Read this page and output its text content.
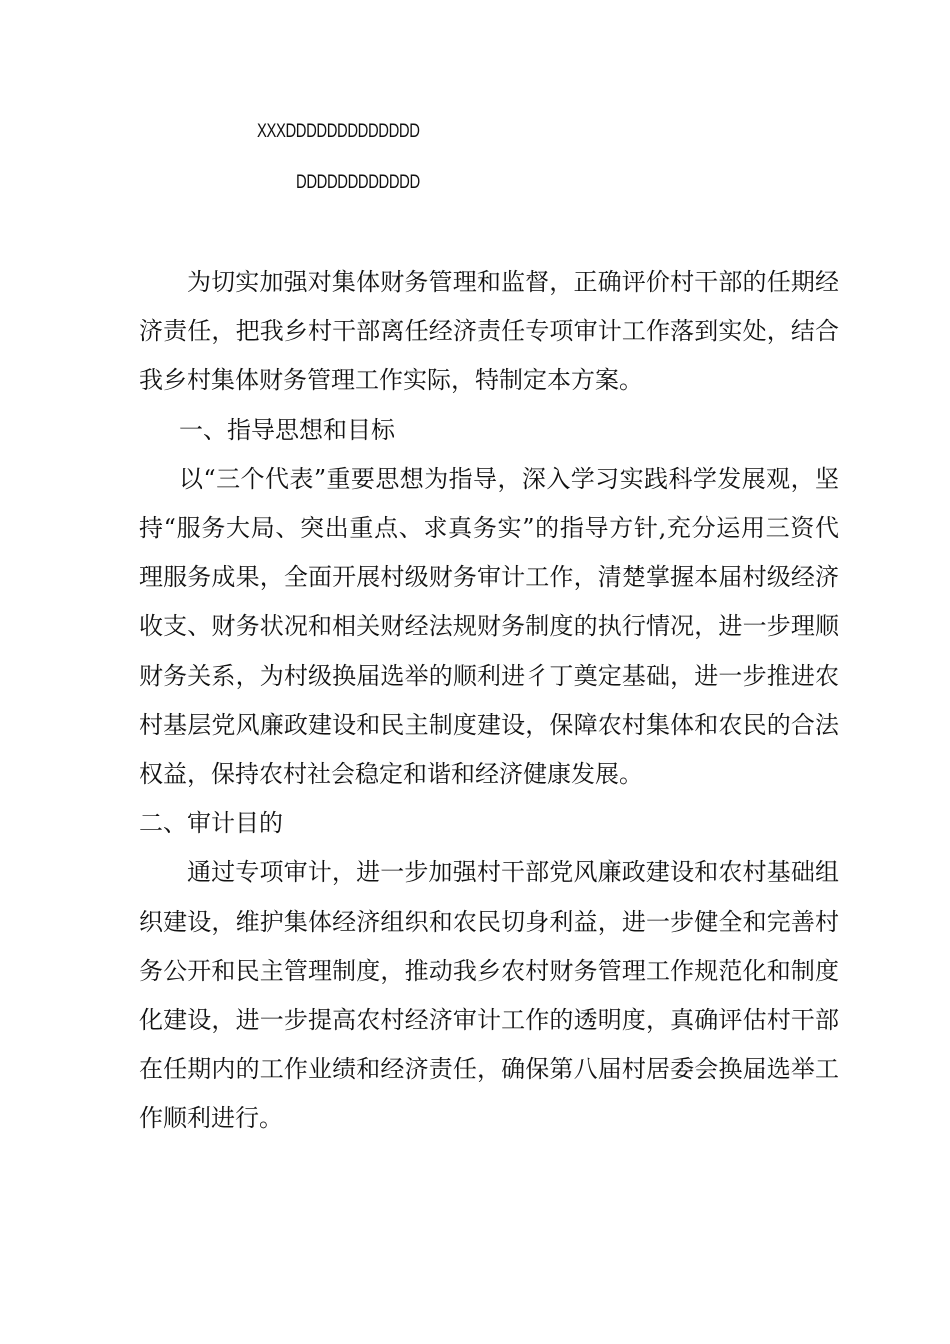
XXXDDDDDDDDDDDDD
DDDDDDDDDDDD

为切实加强对集体财务管理和监督，正确评价村干部的任期经济责任，把我乡村干部离任经济责任专项审计工作落到实处，结合我乡村集体财务管理工作实际，特制定本方案。

一、指导思想和目标

以“三个代表”重要思想为指导，深入学习实践科学发展观，坚持“服务大局、突出重点、求真务实”的指导方针,充分运用三资代理服务成果，全面开展村级财务审计工作，清楚掌握本届村级经济收支、财务状况和相关财经法规财务制度的执行情况，进一步理顺财务关系，为村级换届选举的顺利进彳丁奠定基础，进一步推进农村基层党风廉政建设和民主制度建设，保障农村集体和农民的合法权益，保持农村社会稳定和谐和经济健康发展。

二、审计目的

通过专项审计，进一步加强村干部党风廉政建设和农村基础组织建设，维护集体经济组织和农民切身利益，进一步健全和完善村务公开和民主管理制度，推动我乡农村财务管理工作规范化和制度化建设，进一步提高农村经济审计工作的透明度，真确评估村干部在任期内的工作业绩和经济责任，确保第八届村居委会换届选举工作顺利进行。
